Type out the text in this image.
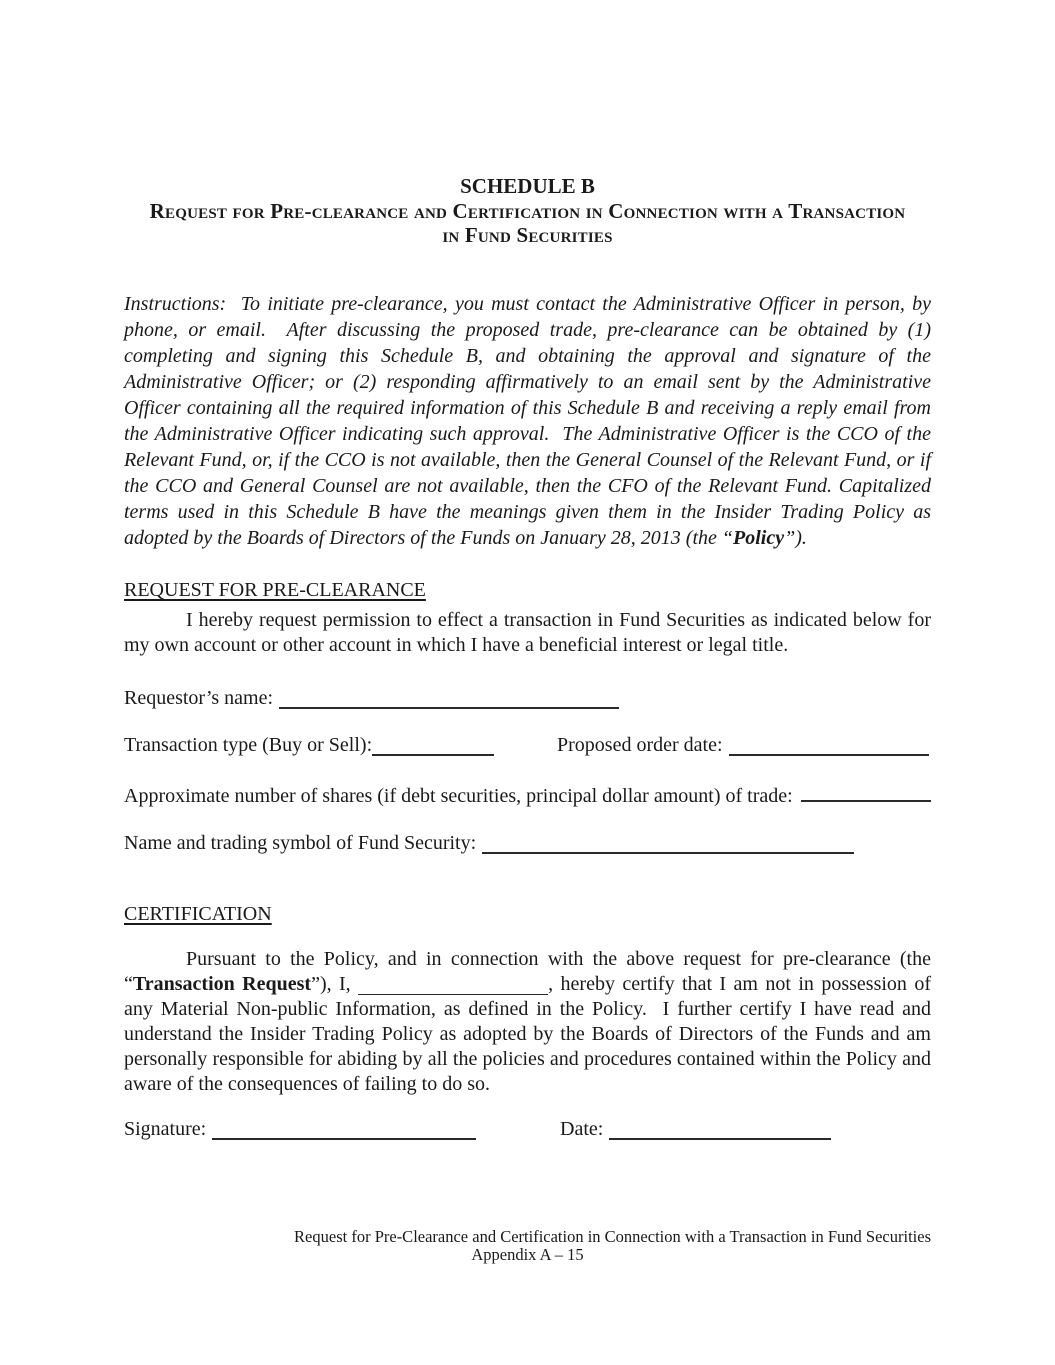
SCHEDULE B
Request for Pre-clearance and Certification in Connection with a Transaction
in Fund Securities

Instructions:  To initiate pre-clearance, you must contact the Administrative Officer in person, by phone, or email.  After discussing the proposed trade, pre-clearance can be obtained by (1) completing and signing this Schedule B, and obtaining the approval and signature of the Administrative Officer; or (2) responding affirmatively to an email sent by the Administrative Officer containing all the required information of this Schedule B and receiving a reply email from the Administrative Officer indicating such approval.  The Administrative Officer is the CCO of the Relevant Fund, or, if the CCO is not available, then the General Counsel of the Relevant Fund, or if the CCO and General Counsel are not available, then the CFO of the Relevant Fund. Capitalized terms used in this Schedule B have the meanings given them in the Insider Trading Policy as adopted by the Boards of Directors of the Funds on January 28, 2013 (the “Policy”).

REQUEST FOR PRE-CLEARANCE

I hereby request permission to effect a transaction in Fund Securities as indicated below for my own account or other account in which I have a beneficial interest or legal title.

Requestor’s name:
Transaction type (Buy or Sell):	Proposed order date:
Approximate number of shares (if debt securities, principal dollar amount) of trade:
Name and trading symbol of Fund Security:
CERTIFICATION

Pursuant to the Policy, and in connection with the above request for pre-clearance (the “Transaction Request”), I,	, hereby certify that I am not in possession of any Material Non-public Information, as defined in the Policy.  I further certify I have read and understand the Insider Trading Policy as adopted by the Boards of Directors of the Funds and am personally responsible for abiding by all the policies and procedures contained within the Policy and aware of the consequences of failing to do so.

Signature:	Date:
Request for Pre-Clearance and Certification in Connection with a Transaction in Fund Securities
Appendix A – 15
